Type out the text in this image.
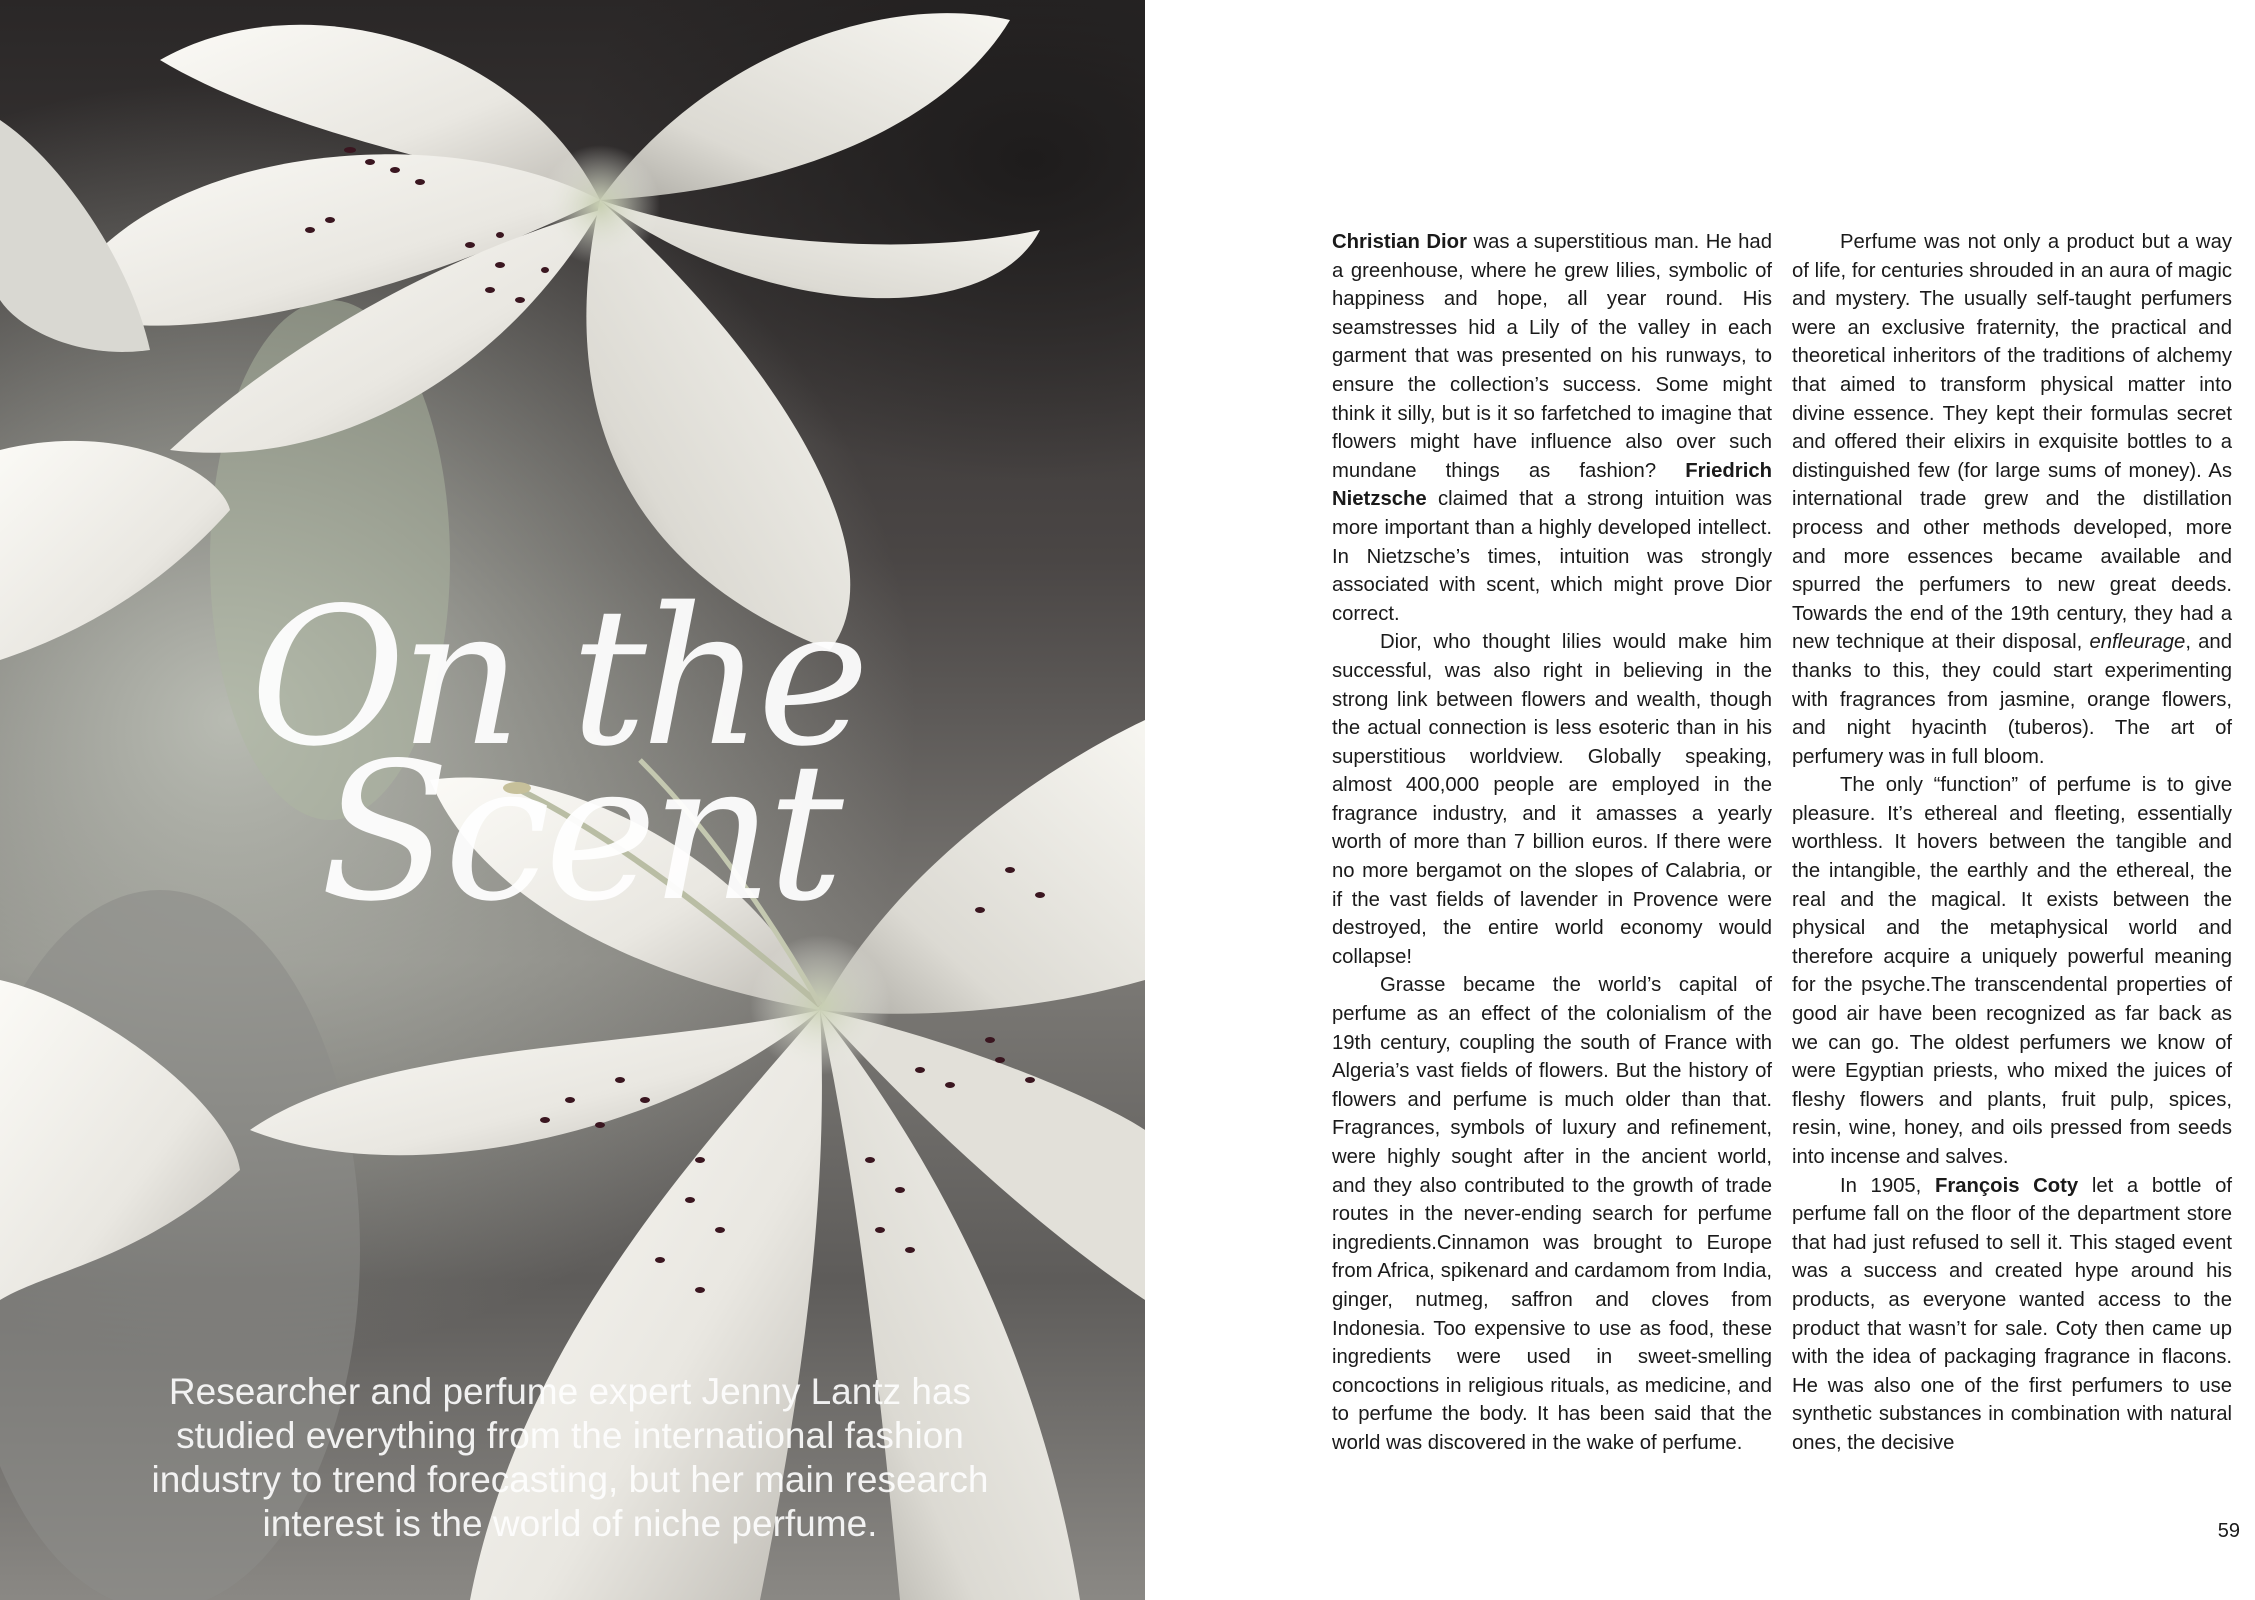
On the
Scent
Researcher and perfume expert Jenny Lantz has studied everything from the international fashion industry to trend forecasting, but her main research interest is the world of niche perfume.

Christian Dior was a superstitious man. He had a greenhouse, where he grew lilies, symbolic of happiness and hope, all year round. His seamstresses hid a Lily of the valley in each garment that was presented on his runways, to ensure the collection’s success. Some might think it silly, but is it so farfetched to imagine that flowers might have influence also over such mundane things as fashion? Friedrich Nietzsche claimed that a strong intuition was more important than a highly developed intellect. In Nietzsche’s times, intuition was strongly associated with scent, which might prove Dior correct.

Dior, who thought lilies would make him successful, was also right in believing in the strong link between flowers and wealth, though the actual connection is less esoteric than in his superstitious worldview. Globally speaking, almost 400,000 people are employed in the fragrance industry, and it amasses a yearly worth of more than 7 billion euros. If there were no more bergamot on the slopes of Calabria, or if the vast fields of lavender in Provence were destroyed, the entire world economy would collapse!

Grasse became the world’s capital of perfume as an effect of the colonialism of the 19th century, coupling the south of France with Algeria’s vast fields of flowers. But the history of flowers and perfume is much older than that. Fragrances, symbols of luxury and refinement, were highly sought after in the ancient world, and they also contributed to the growth of trade routes in the never-ending search for perfume ingredients.Cinnamon was brought to Europe from Africa, spikenard and cardamom from India, ginger, nutmeg, saffron and cloves from Indonesia. Too expensive to use as food, these ingredients were used in sweet-smelling concoctions in religious rituals, as medicine, and to perfume the body. It has been said that the world was discovered in the wake of perfume.

Perfume was not only a product but a way of life, for centuries shrouded in an aura of magic and mystery. The usually self-taught perfumers were an exclusive fraternity, the practical and theoretical inheritors of the traditions of alchemy that aimed to transform physical matter into divine essence. They kept their formulas secret and offered their elixirs in exquisite bottles to a distinguished few (for large sums of money). As international trade grew and the distillation process and other methods developed, more and more essences became available and spurred the perfumers to new great deeds. Towards the end of the 19th century, they had a new technique at their disposal, enfleurage, and thanks to this, they could start experimenting with fragrances from jasmine, orange flowers, and night hyacinth (tuberos). The art of perfumery was in full bloom.

The only “function” of perfume is to give pleasure. It’s ethereal and fleeting, essentially worthless. It hovers between the tangible and the intangible, the earthly and the ethereal, the real and the magical. It exists between the physical and the metaphysical world and therefore acquire a uniquely powerful meaning for the psyche.The transcendental properties of good air have been recognized as far back as we can go. The oldest perfumers we know of were Egyptian priests, who mixed the juices of fleshy flowers and plants, fruit pulp, spices, resin, wine, honey, and oils pressed from seeds into incense and salves.

In 1905, François Coty let a bottle of perfume fall on the floor of the department store that had just refused to sell it. This staged event was a success and created hype around his products, as everyone wanted access to the product that wasn’t for sale. Coty then came up with the idea of packaging fragrance in flacons. He was also one of the first perfumers to use synthetic substances in combination with natural ones, the decisive

59
